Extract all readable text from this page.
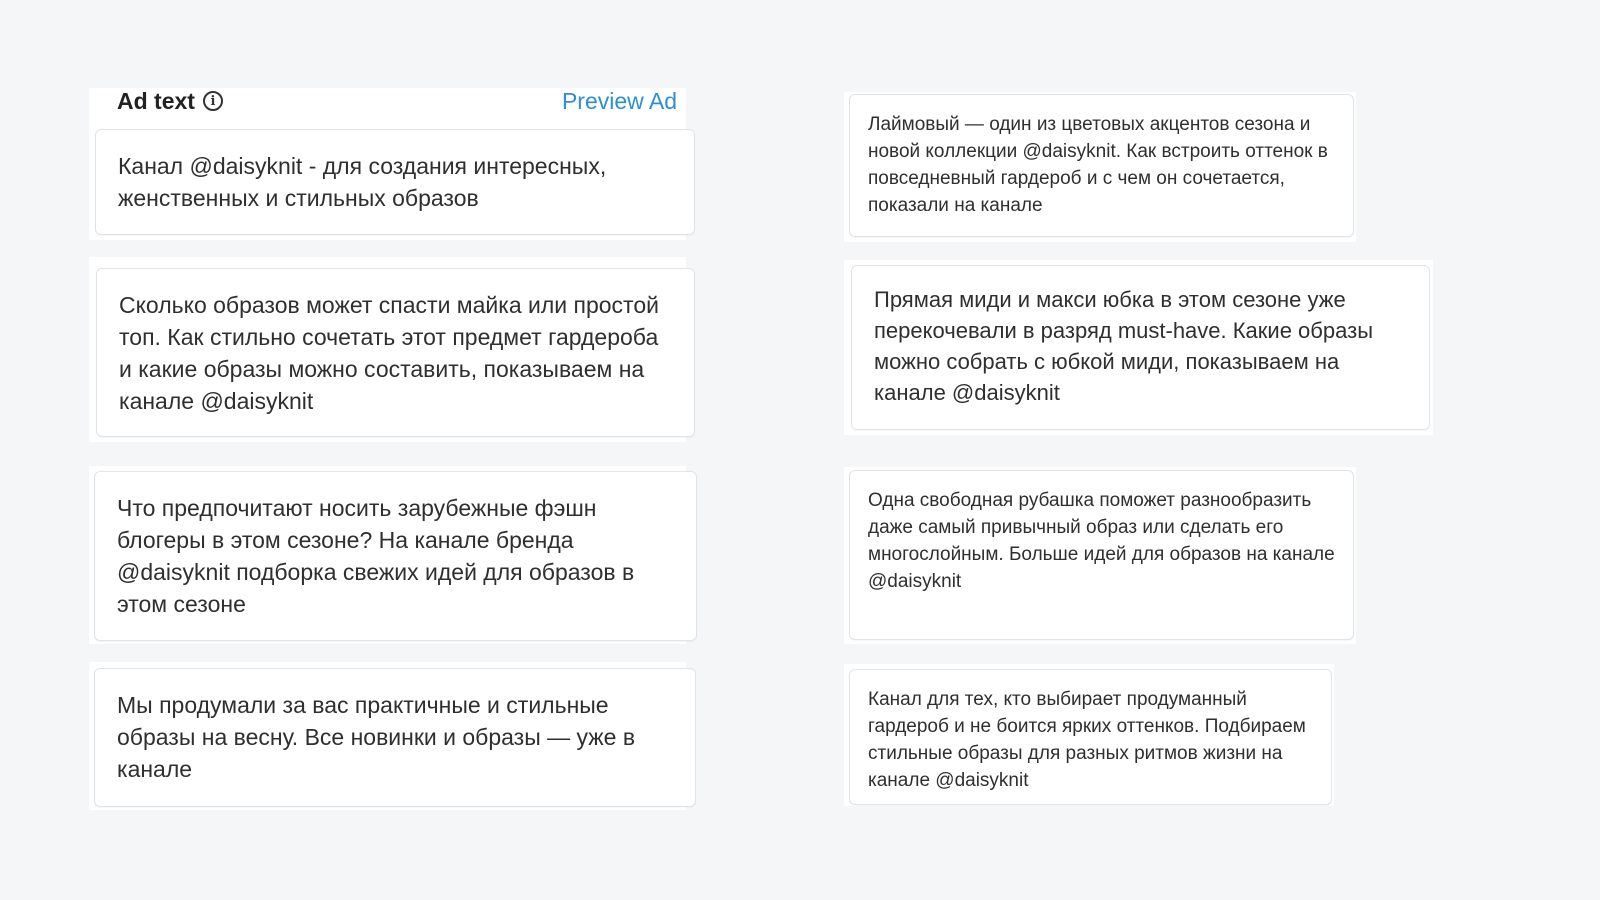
Ad text	i	Preview Ad

Канал @daisyknit - для создания интересных, женственных и стильных образов

Сколько образов может спасти майка или простой топ. Как стильно сочетать этот предмет гардероба и какие образы можно составить, показываем на канале @daisyknit

Что предпочитают носить зарубежные фэшн блогеры в этом сезоне? На канале бренда @daisyknit подборка свежих идей для образов в этом сезоне

Мы продумали за вас практичные и стильные образы на весну. Все новинки и образы — уже в канале

Лаймовый — один из цветовых акцентов сезона и новой коллекции @daisyknit. Как встроить оттенок в повседневный гардероб и с чем он сочетается, показали на канале

Прямая миди и макси юбка в этом сезоне уже перекочевали в разряд must-have. Какие образы можно собрать с юбкой миди, показываем на канале @daisyknit

Одна свободная рубашка поможет разнообразить даже самый привычный образ или сделать его многослойным. Больше идей для образов на канале @daisyknit

Канал для тех, кто выбирает продуманный гардероб и не боится ярких оттенков. Подбираем стильные образы для разных ритмов жизни на канале @daisyknit
